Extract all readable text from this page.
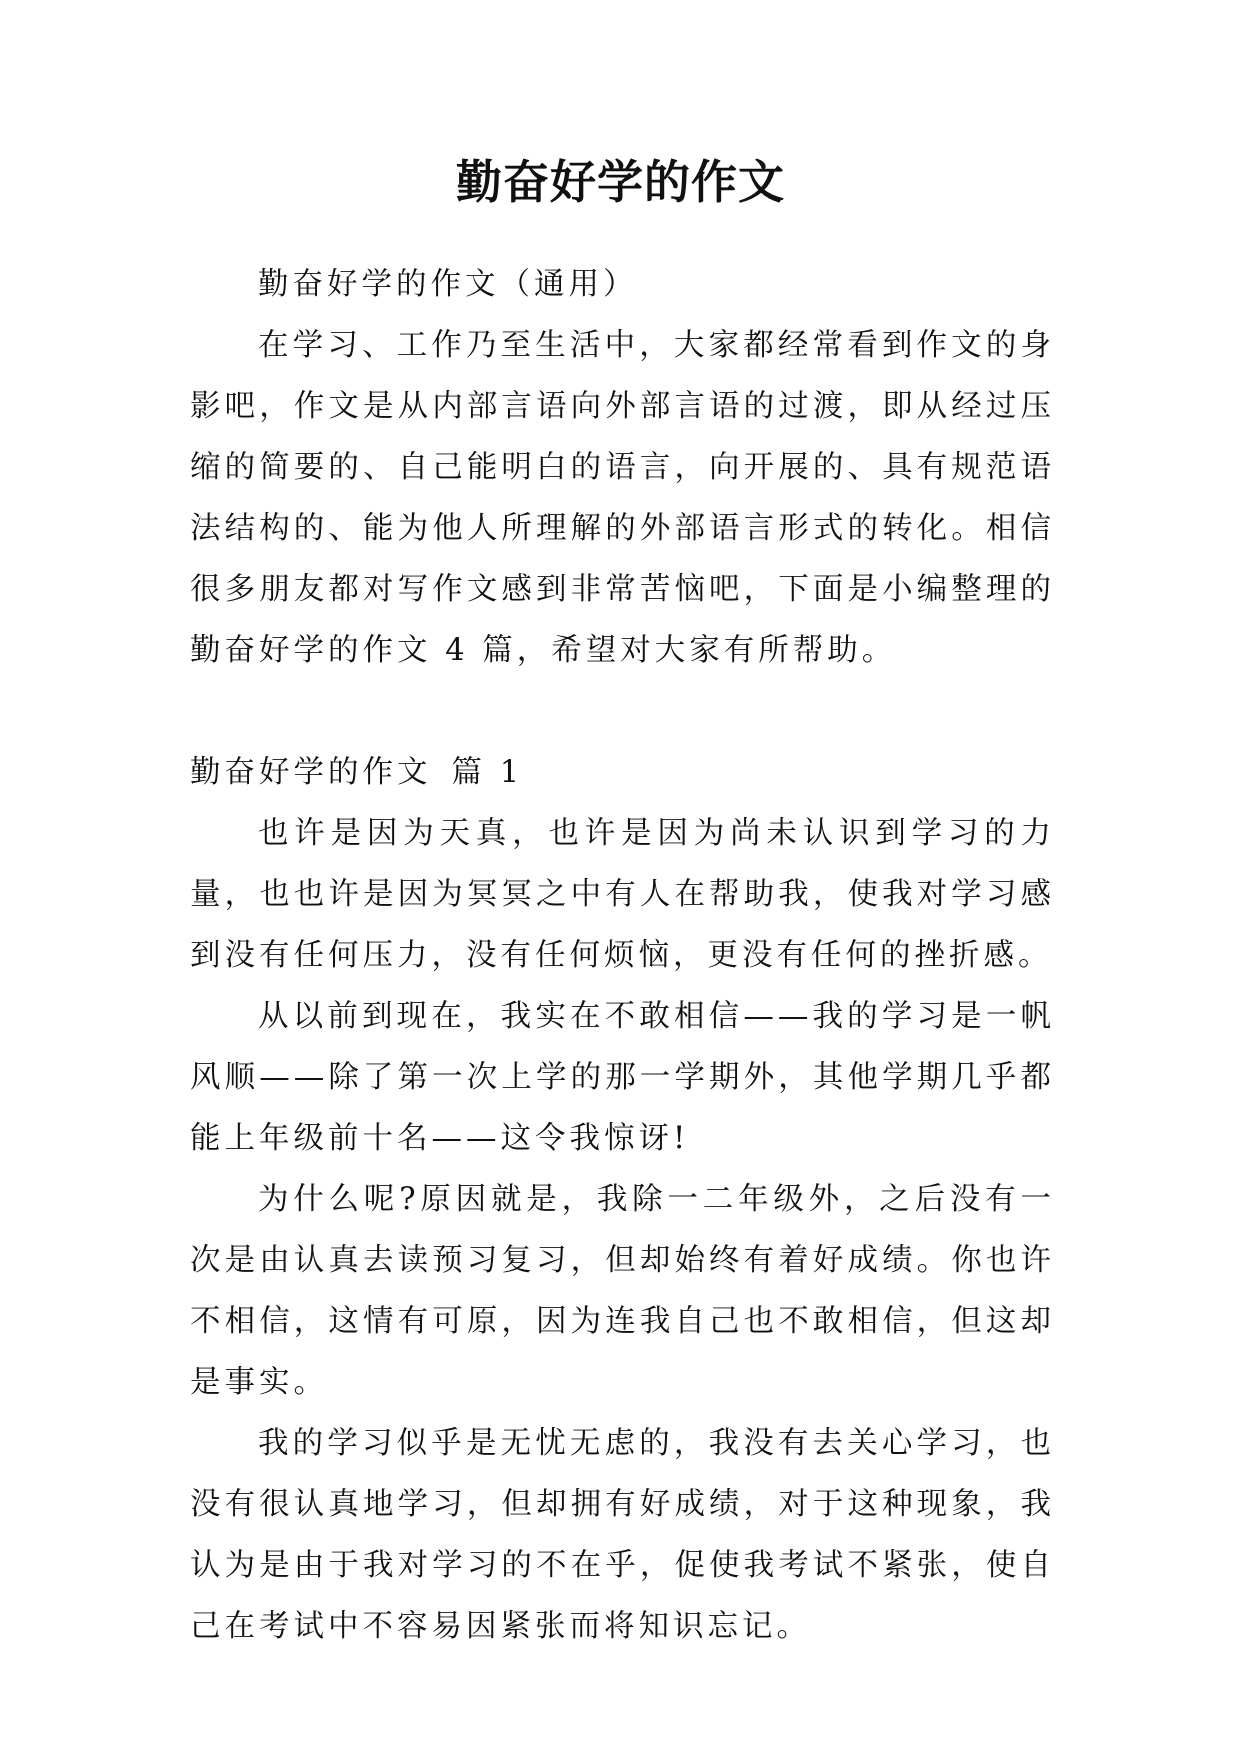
勤奋好学的作文

勤奋好学的作文（通用）

在学习、工作乃至生活中，大家都经常看到作文的身影吧，作文是从内部言语向外部言语的过渡，即从经过压缩的简要的、自己能明白的语言，向开展的、具有规范语法结构的、能为他人所理解的外部语言形式的转化。相信很多朋友都对写作文感到非常苦恼吧，下面是小编整理的勤奋好学的作文 4 篇，希望对大家有所帮助。

勤奋好学的作文 篇 1

也许是因为天真，也许是因为尚未认识到学习的力量，也也许是因为冥冥之中有人在帮助我，使我对学习感到没有任何压力，没有任何烦恼，更没有任何的挫折感。

从以前到现在，我实在不敢相信——我的学习是一帆风顺——除了第一次上学的那一学期外，其他学期几乎都能上年级前十名——这令我惊讶!

为什么呢?原因就是，我除一二年级外，之后没有一次是由认真去读预习复习，但却始终有着好成绩。你也许不相信，这情有可原，因为连我自己也不敢相信，但这却是事实。

我的学习似乎是无忧无虑的，我没有去关心学习，也没有很认真地学习，但却拥有好成绩，对于这种现象，我认为是由于我对学习的不在乎，促使我考试不紧张，使自己在考试中不容易因紧张而将知识忘记。
